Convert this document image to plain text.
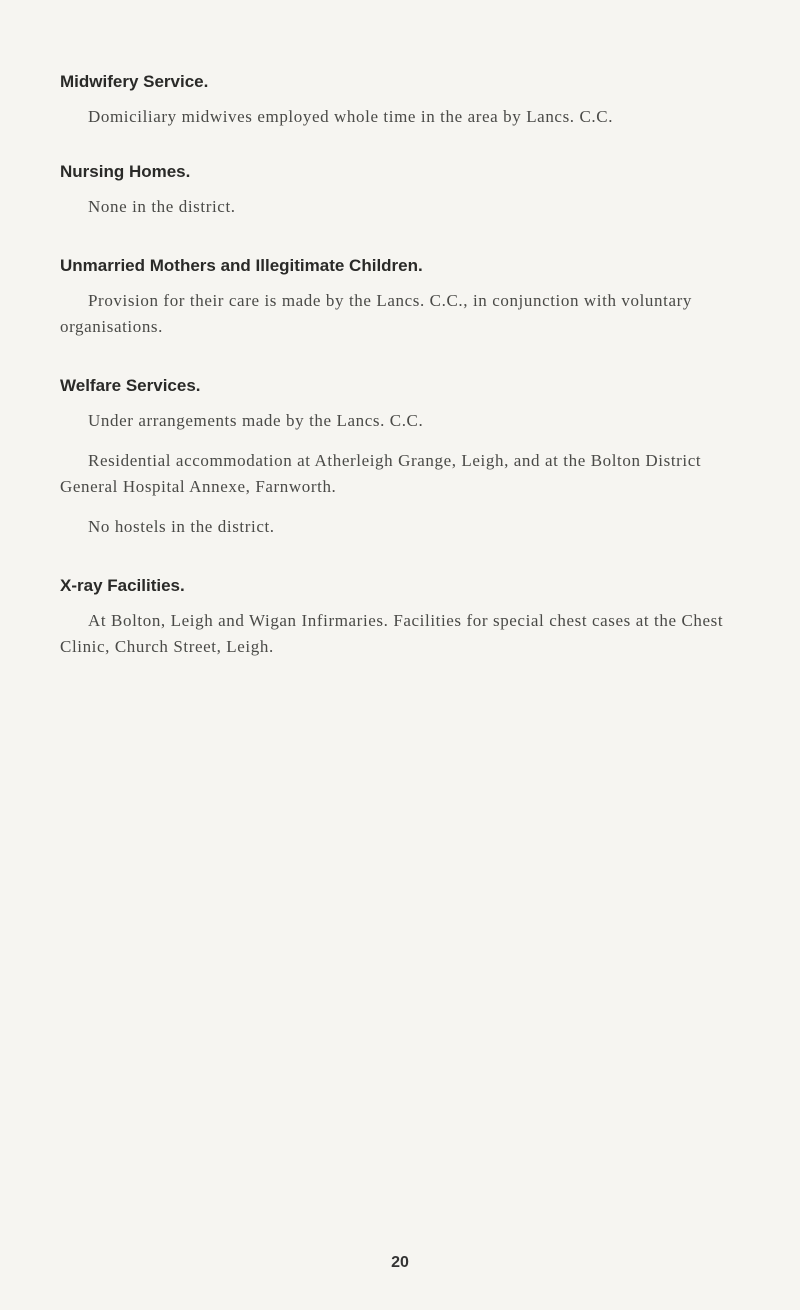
Midwifery Service.

Domiciliary midwives employed whole time in the area by Lancs. C.C.

Nursing Homes.

None in the district.

Unmarried Mothers and Illegitimate Children.

Provision for their care is made by the Lancs. C.C., in conjunction with voluntary organisations.

Welfare Services.

Under arrangements made by the Lancs. C.C.

Residential accommodation at Atherleigh Grange, Leigh, and at the Bolton District General Hospital Annexe, Farnworth.

No hostels in the district.

X-ray Facilities.

At Bolton, Leigh and Wigan Infirmaries. Facilities for special chest cases at the Chest Clinic, Church Street, Leigh.

20
